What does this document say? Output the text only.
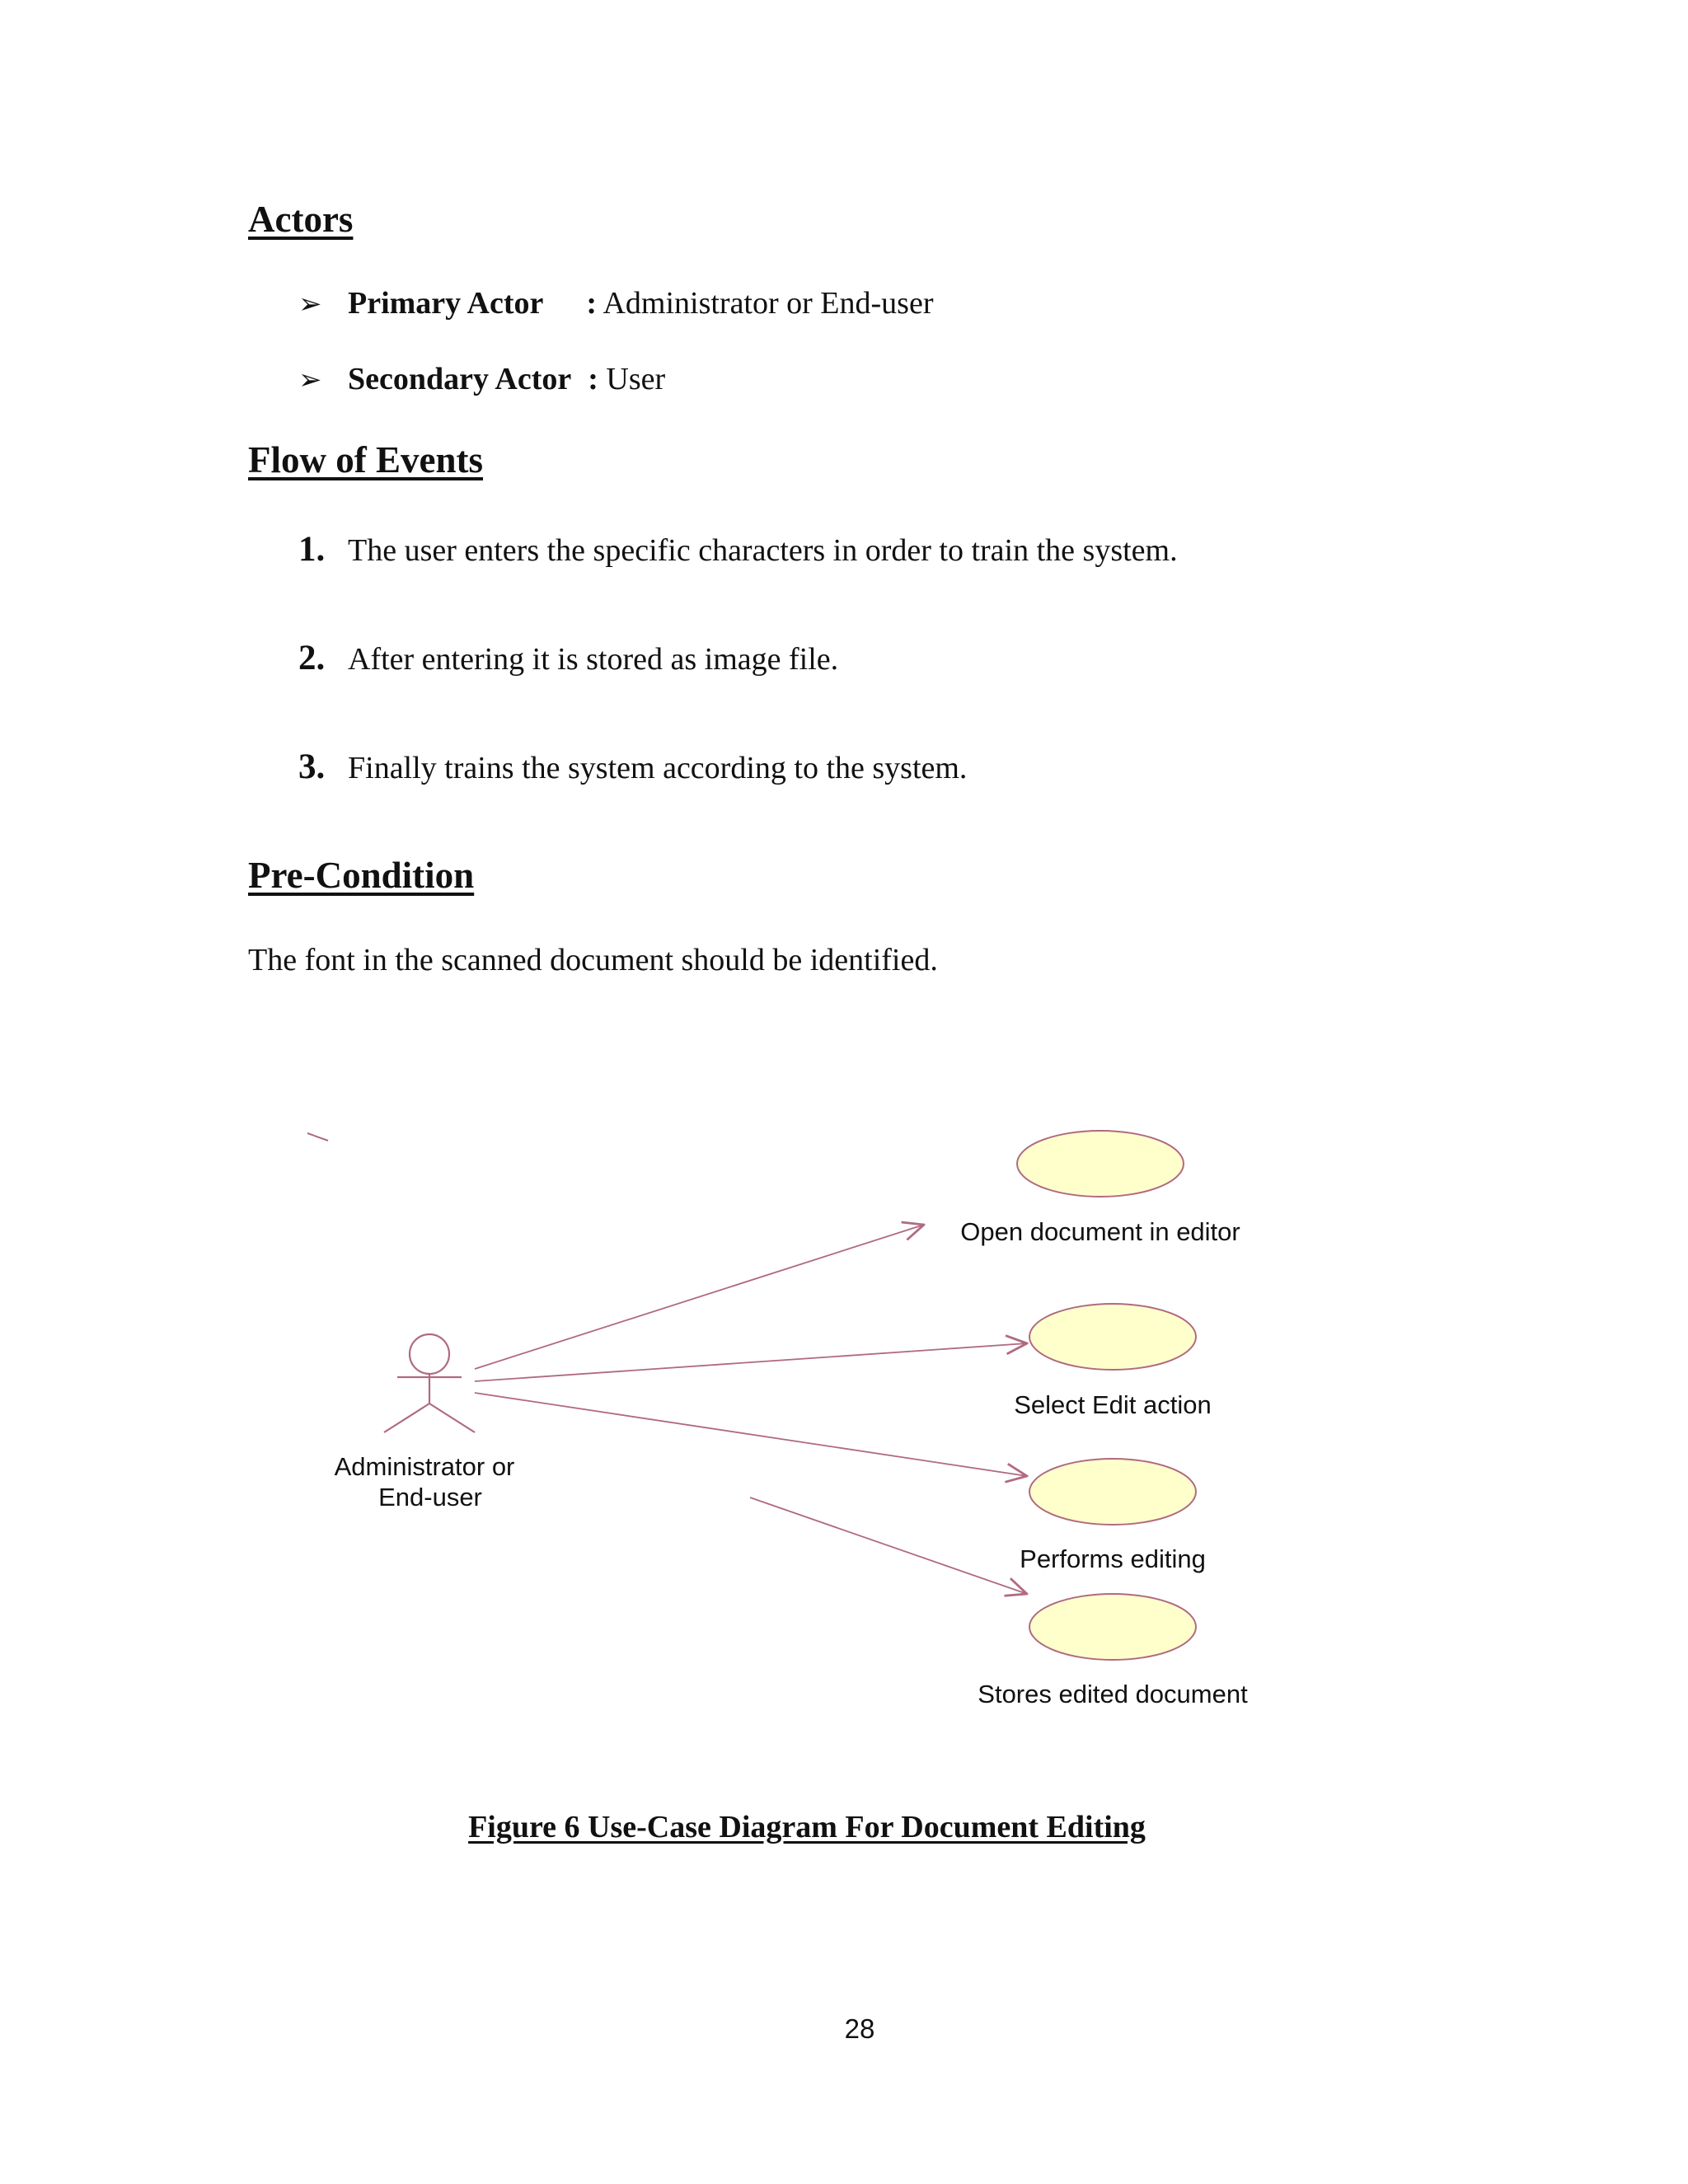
Actors
➢ Primary Actor : Administrator or End-user
➢ Secondary Actor : User
Flow of Events
1. The user enters the specific characters in order to train the system.
2. After entering it is stored as image file.
3. Finally trains the system according to the system.
Pre-Condition
The font in the scanned document should be identified.
Administrator or
End-user
Open document in editor
Select Edit action
Performs editing
Stores edited document
Figure 6 Use-Case Diagram For Document Editing
28
